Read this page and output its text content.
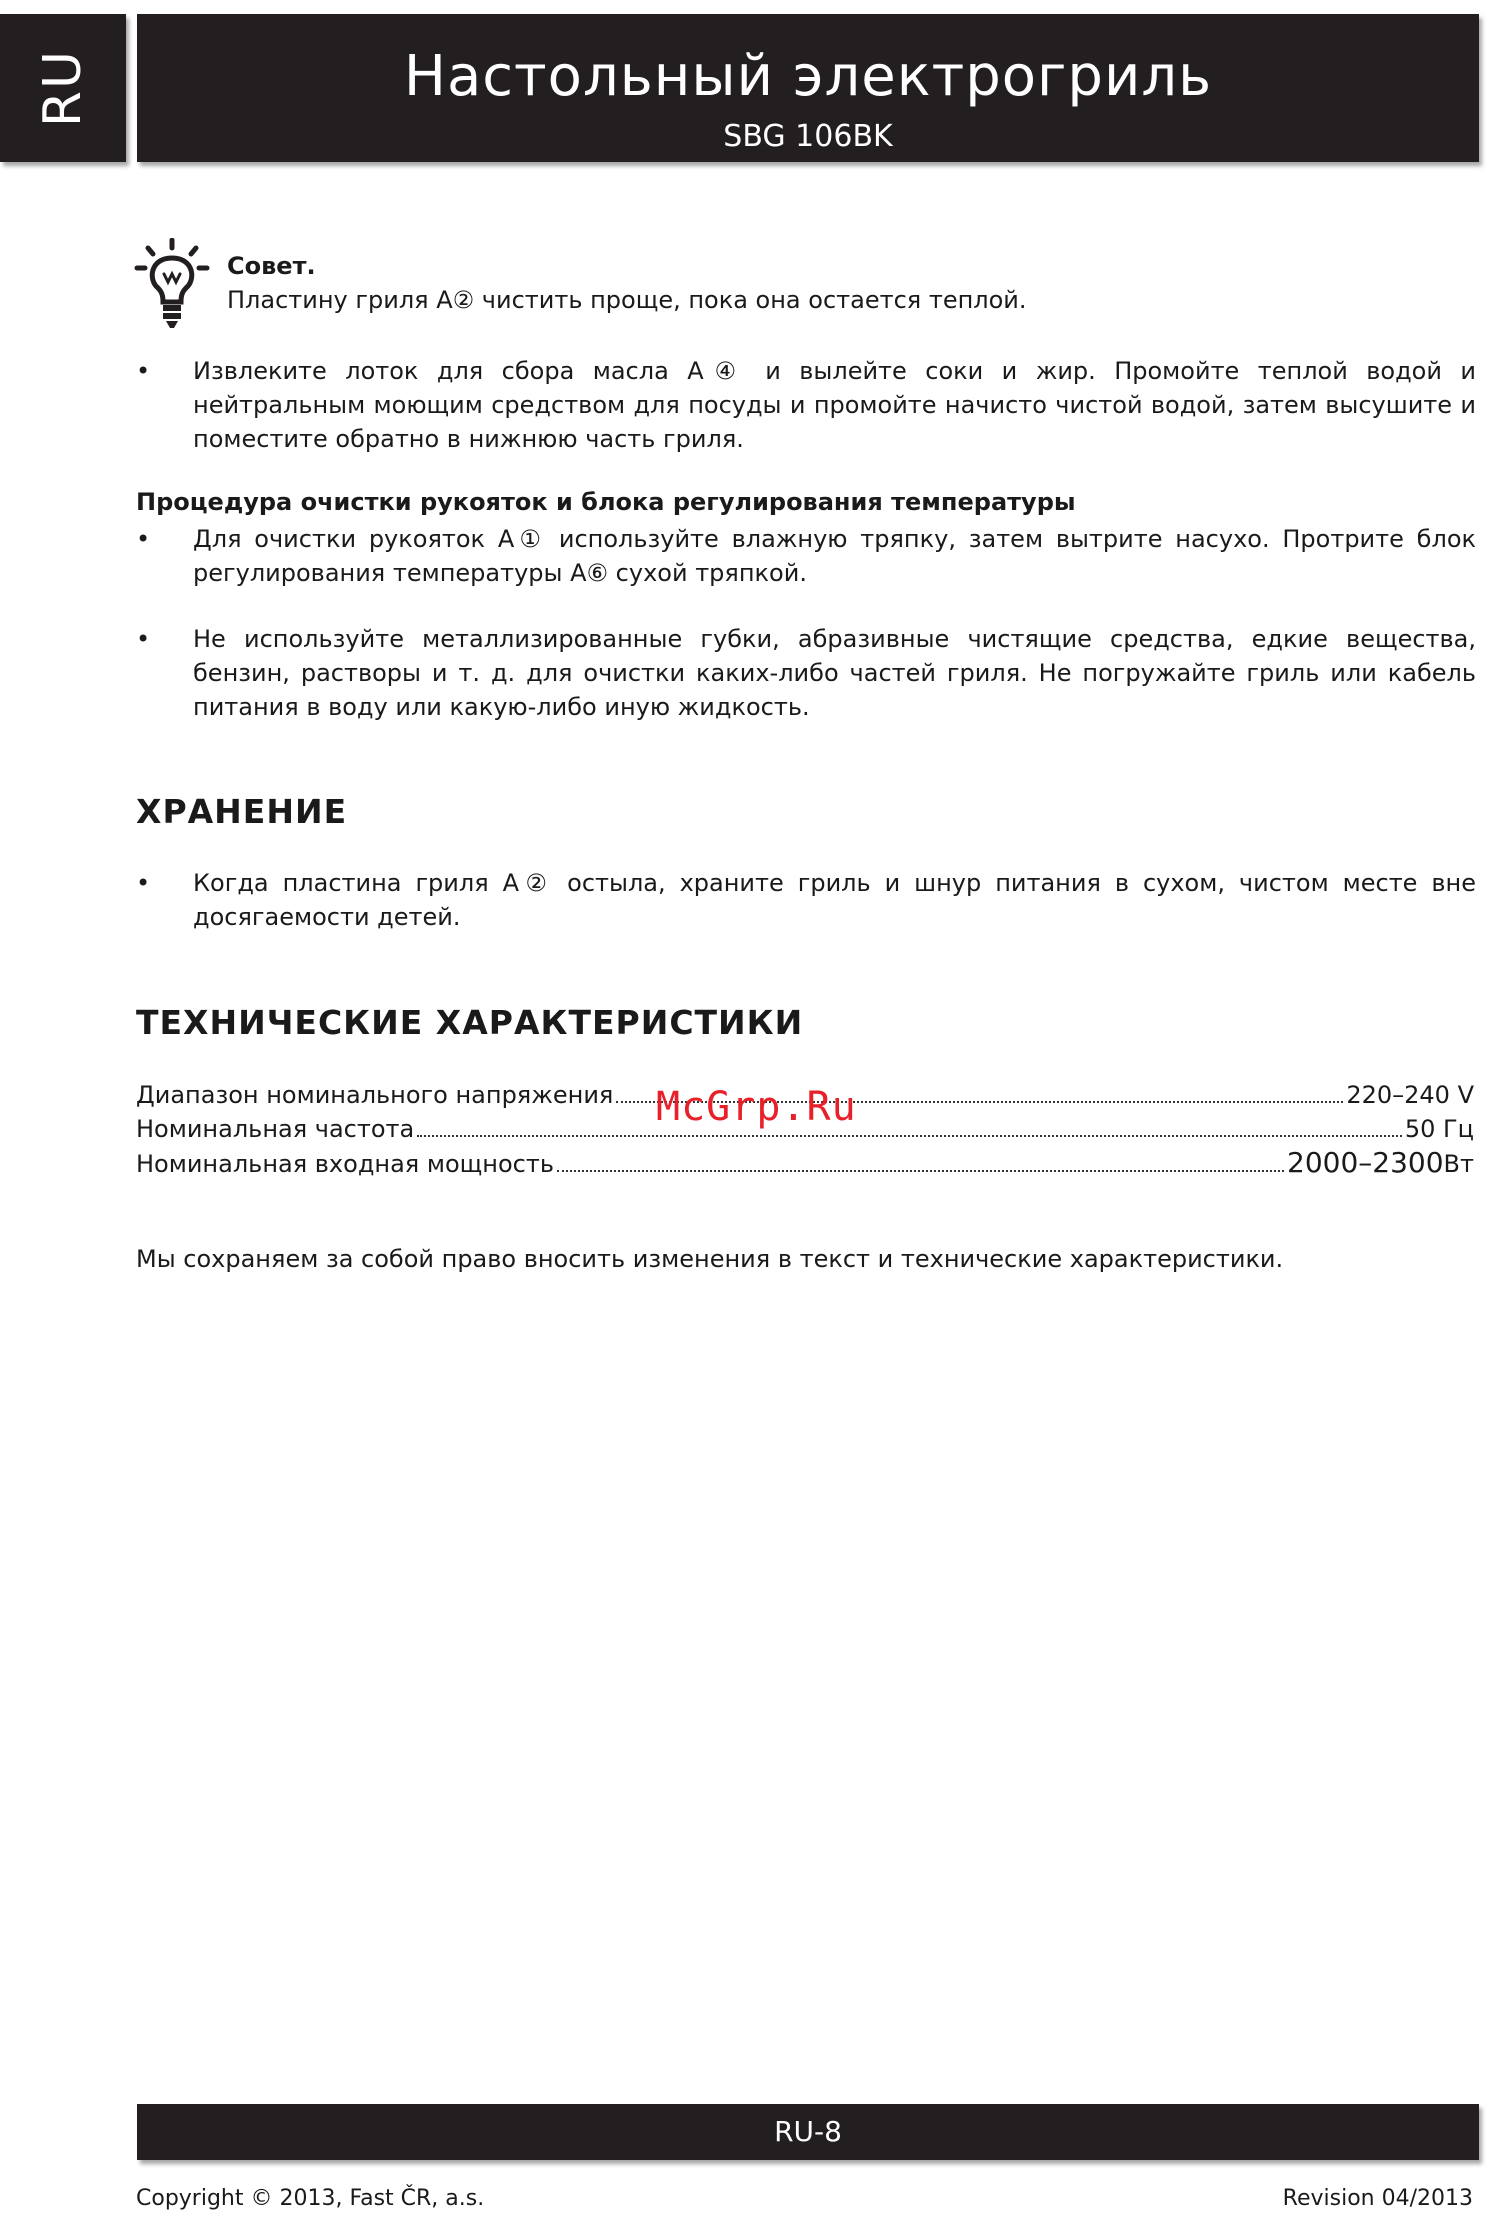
RU	Настольный электрогриль
SBG 106BK
Совет.
Пластину гриля A② чистить проще, пока она остается теплой.
• Извлеките лоток для сбора масла A④ и вылейте соки и жир. Промойте теплой водой и нейтральным моющим средством для посуды и промойте начисто чистой водой, затем высушите и поместите обратно в нижнюю часть гриля.
Процедура очистки рукояток и блока регулирования температуры
• Для очистки рукояток A① используйте влажную тряпку, затем вытрите насухо. Протрите блок регулирования температуры A⑥ сухой тряпкой.
• Не используйте металлизированные губки, абразивные чистящие средства, едкие вещества, бензин, растворы и т. д. для очистки каких-либо частей гриля. Не погружайте гриль или кабель питания в воду или какую-либо иную жидкость.
ХРАНЕНИЕ
• Когда пластина гриля A② остыла, храните гриль и шнур питания в сухом, чистом месте вне досягаемости детей.
ТЕХНИЧЕСКИЕ ХАРАКТЕРИСТИКИ
Диапазон номинального напряжения	220–240 V
Номинальная частота	50 Гц
Номинальная входная мощность	2000–2300 Вт
McGrp.Ru
Мы сохраняем за собой право вносить изменения в текст и технические характеристики.
RU-8
Copyright © 2013, Fast ČR, a.s.	Revision 04/2013
